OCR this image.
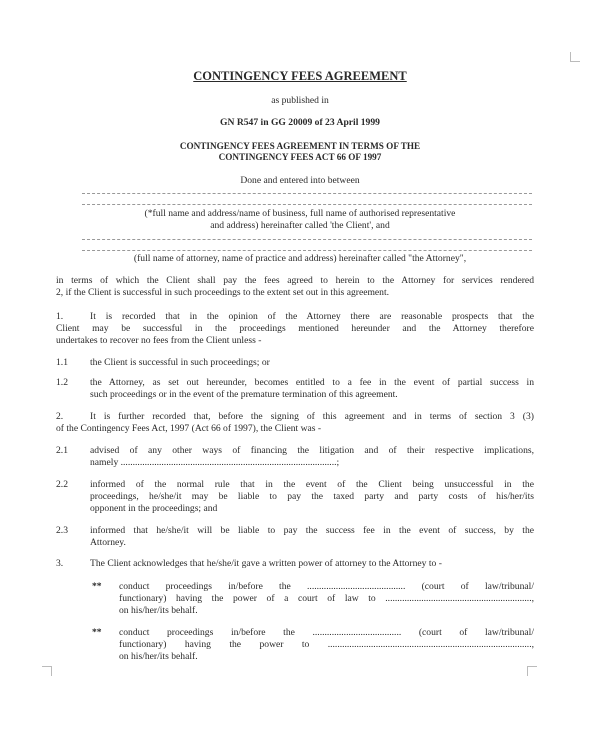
CONTINGENCY FEES AGREEMENT
as published in
GN R547 in GG 20009 of 23 April 1999
CONTINGENCY FEES AGREEMENT IN TERMS OF THE
CONTINGENCY FEES ACT 66 OF 1997
Done and entered into between
(*full name and address/name of business, full name of authorised representative
and address) hereinafter called 'the Client', and
(full name of attorney, name of practice and address) hereinafter called "the Attorney",
in terms of which the Client shall pay the fees agreed to herein to the Attorney for services rendered
2, if the Client is successful in such proceedings to the extent set out in this agreement.
1.	It is recorded that in the opinion of the Attorney there are reasonable prospects that the
Client may be successful in the proceedings mentioned hereunder and the Attorney therefore
undertakes to recover no fees from the Client unless -
1.1 the Client is successful in such proceedings; or
1.2 the Attorney, as set out hereunder, becomes entitled to a fee in the event of partial success in
such proceedings or in the event of the premature termination of this agreement.
2.	It is further recorded that, before the signing of this agreement and in terms of section 3 (3)
of the Contingency Fees Act, 1997 (Act 66 of 1997), the Client was -
2.1 advised of any other ways of financing the litigation and of their respective implications,
namely ..........................................................................................;
2.2 informed of the normal rule that in the event of the Client being unsuccessful in the
proceedings, he/she/it may be liable to pay the taxed party and party costs of his/her/its
opponent in the proceedings; and
2.3 informed that he/she/it will be liable to pay the success fee in the event of success, by the
Attorney.
3.	The Client acknowledges that he/she/it gave a written power of attorney to the Attorney to -
** conduct proceedings in/before the ......................................... (court of law/tribunal/
functionary) having the power of a court of law to .............................................................,
on his/her/its behalf.
** conduct proceedings in/before the ..................................... (court of law/tribunal/
functionary) having the power to .....................................................................................,
on his/her/its behalf.
